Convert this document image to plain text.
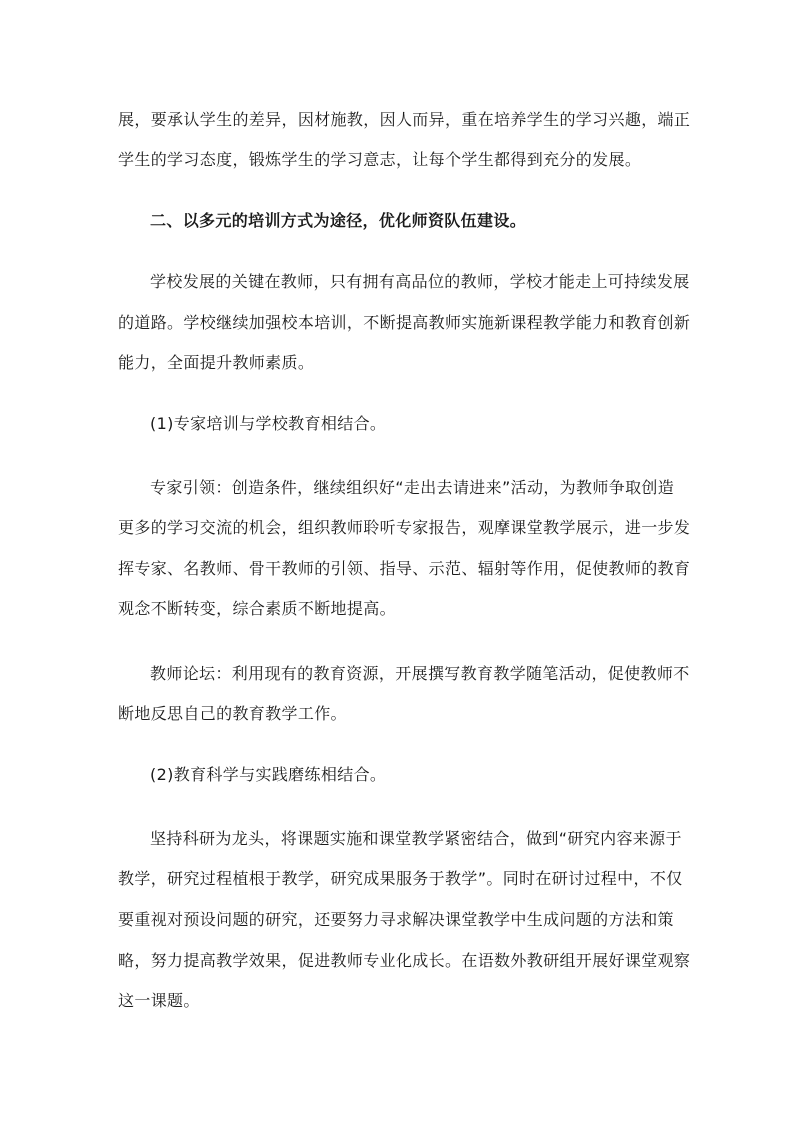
展，要承认学生的差异，因材施教，因人而异，重在培养学生的学习兴趣，端正
学生的学习态度，锻炼学生的学习意志，让每个学生都得到充分的发展。
二、以多元的培训方式为途径，优化师资队伍建设。
学校发展的关键在教师，只有拥有高品位的教师，学校才能走上可持续发展
的道路。学校继续加强校本培训，不断提高教师实施新课程教学能力和教育创新
能力，全面提升教师素质。
(1)专家培训与学校教育相结合。
专家引领：创造条件，继续组织好“走出去请进来”活动，为教师争取创造
更多的学习交流的机会，组织教师聆听专家报告，观摩课堂教学展示，进一步发
挥专家、名教师、骨干教师的引领、指导、示范、辐射等作用，促使教师的教育
观念不断转变，综合素质不断地提高。
教师论坛：利用现有的教育资源，开展撰写教育教学随笔活动，促使教师不
断地反思自己的教育教学工作。
(2)教育科学与实践磨练相结合。
坚持科研为龙头，将课题实施和课堂教学紧密结合，做到“研究内容来源于
教学，研究过程植根于教学，研究成果服务于教学”。同时在研讨过程中，不仅
要重视对预设问题的研究，还要努力寻求解决课堂教学中生成问题的方法和策
略，努力提高教学效果，促进教师专业化成长。在语数外教研组开展好课堂观察
这一课题。
